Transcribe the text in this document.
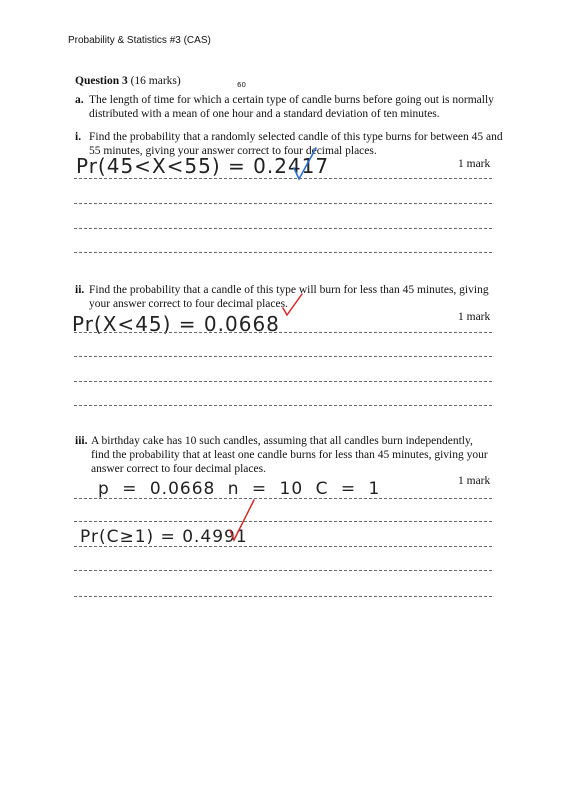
Probability & Statistics #3 (CAS)
Question 3 (16 marks)
a. The length of time for which a certain type of candle burns before going out is normally
distributed with a mean of one hour and a standard deviation of ten minutes.
60
i. Find the probability that a randomly selected candle of this type burns for between 45 and
55 minutes, giving your answer correct to four decimal places.
1 mark
Pr(45<X<55) = 0.2417
ii. Find the probability that a candle of this type will burn for less than 45 minutes, giving
your answer correct to four decimal places.
1 mark
Pr(X<45) = 0.0668
iii. A birthday cake has 10 such candles, assuming that all candles burn independently,
find the probability that at least one candle burns for less than 45 minutes, giving your
answer correct to four decimal places.
1 mark
p = 0.0668 n = 10 C = 1
Pr(C≥1) = 0.4991
